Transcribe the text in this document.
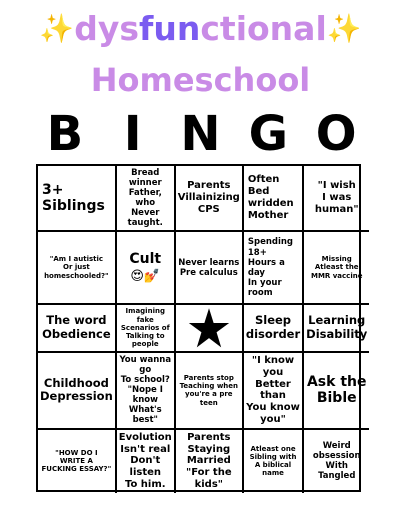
✨dysfunctional✨
Homeschool
B I N G O
3+
Siblings
Bread winner
Father, who
Never taught.
Parents
Villainizing
CPS
Often
Bed wridden
Mother
"I wish
I was human"
"Am I autistic
Or just
homeschooled?"

Cult

😍💅

Never learns
Pre calculus
Spending 18+
Hours a day
In your room
Missing
Atleast the
MMR vaccine
The word
Obedience
Imagining fake
Scenarios of
Talking to people
Sleep
disorder
Learning
Disability
Childhood
Depression
You wanna go
To school?
"Nope I know
What's best"
Parents stop
Teaching when
you're a pre teen
"I know you
Better than
You know you"
Ask the
Bible
"HOW DO I
WRITE A
FUCKING ESSAY?"
Evolution
Isn't real
Don't listen
To him.
Parents
Staying
Married
"For the kids"
Atleast one
Sibling with
A biblical name
Weird
obsession
With Tangled
